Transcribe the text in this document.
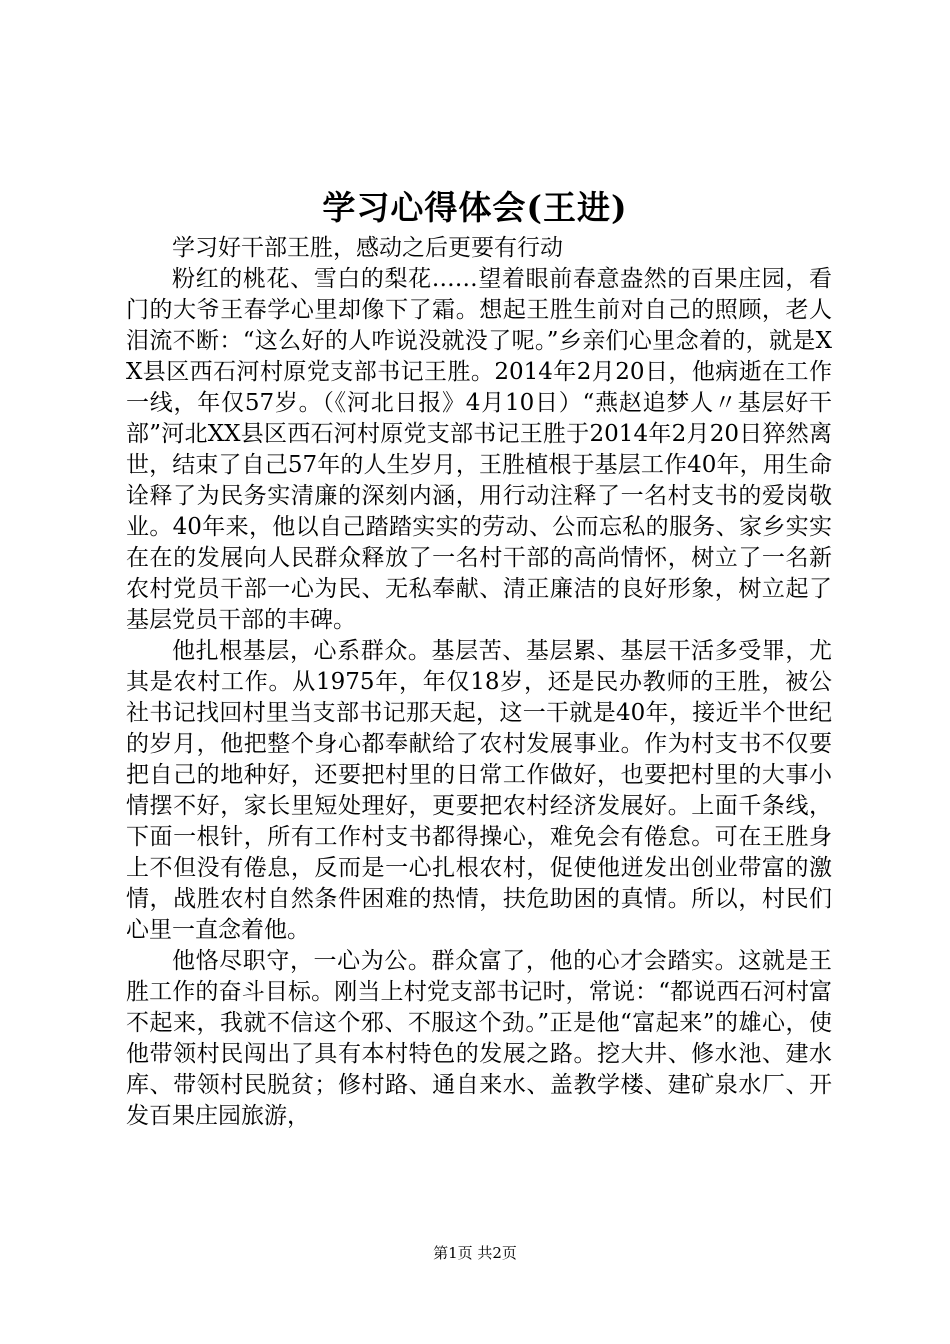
学习心得体会(王进)

学习好干部王胜，感动之后更要有行动

粉红的桃花、雪白的梨花……望着眼前春意盎然的百果庄园，看门的大爷王春学心里却像下了霜。想起王胜生前对自己的照顾，老人泪流不断：“这么好的人咋说没就没了呢。”乡亲们心里念着的，就是XX县区西石河村原党支部书记王胜。2014年2月20日，他病逝在工作一线，年仅57岁。（《河北日报》4月10日）“燕赵追梦人〃基层好干部”河北XX县区西石河村原党支部书记王胜于2014年2月20日猝然离世，结束了自己57年的人生岁月，王胜植根于基层工作40年，用生命诠释了为民务实清廉的深刻内涵，用行动注释了一名村支书的爱岗敬业。40年来，他以自己踏踏实实的劳动、公而忘私的服务、家乡实实在在的发展向人民群众释放了一名村干部的高尚情怀，树立了一名新农村党员干部一心为民、无私奉献、清正廉洁的良好形象，树立起了基层党员干部的丰碑。

他扎根基层，心系群众。基层苦、基层累、基层干活多受罪，尤其是农村工作。从1975年，年仅18岁，还是民办教师的王胜，被公社书记找回村里当支部书记那天起，这一干就是40年，接近半个世纪的岁月，他把整个身心都奉献给了农村发展事业。作为村支书不仅要把自己的地种好，还要把村里的日常工作做好，也要把村里的大事小情摆不好，家长里短处理好，更要把农村经济发展好。上面千条线，下面一根针，所有工作村支书都得操心，难免会有倦怠。可在王胜身上不但没有倦息，反而是一心扎根农村，促使他迸发出创业带富的激情，战胜农村自然条件困难的热情，扶危助困的真情。所以，村民们心里一直念着他。

他恪尽职守，一心为公。群众富了，他的心才会踏实。这就是王胜工作的奋斗目标。刚当上村党支部书记时，常说：“都说西石河村富不起来，我就不信这个邪、不服这个劲。”正是他“富起来”的雄心，使他带领村民闯出了具有本村特色的发展之路。挖大井、修水池、建水库、带领村民脱贫；修村路、通自来水、盖教学楼、建矿泉水厂、开发百果庄园旅游，

第1页 共2页
